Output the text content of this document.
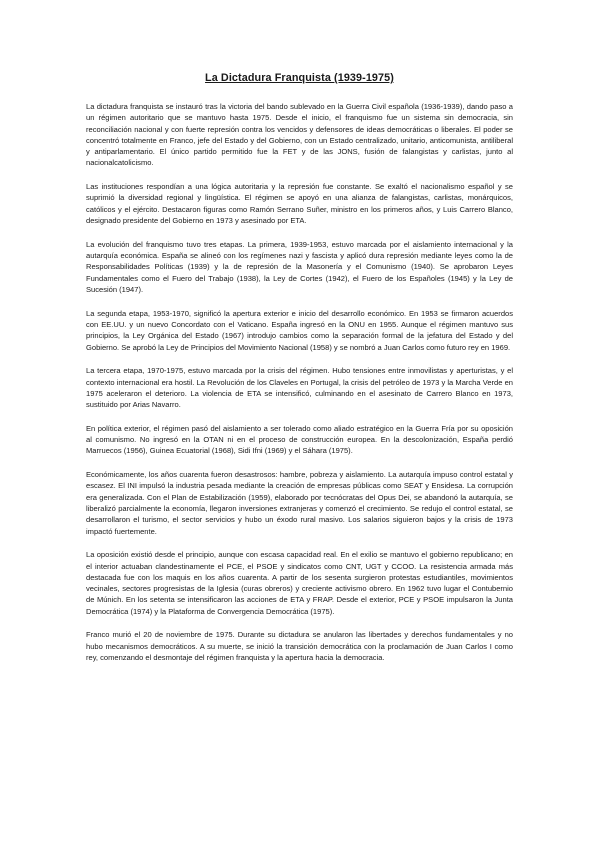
La Dictadura Franquista (1939-1975)

La dictadura franquista se instauró tras la victoria del bando sublevado en la Guerra Civil española (1936-1939), dando paso a un régimen autoritario que se mantuvo hasta 1975. Desde el inicio, el franquismo fue un sistema sin democracia, sin reconciliación nacional y con fuerte represión contra los vencidos y defensores de ideas democráticas o liberales. El poder se concentró totalmente en Franco, jefe del Estado y del Gobierno, con un Estado centralizado, unitario, anticomunista, antiliberal y antiparlamentario. El único partido permitido fue la FET y de las JONS, fusión de falangistas y carlistas, junto al nacionalcatolicismo.

Las instituciones respondían a una lógica autoritaria y la represión fue constante. Se exaltó el nacionalismo español y se suprimió la diversidad regional y lingüística. El régimen se apoyó en una alianza de falangistas, carlistas, monárquicos, católicos y el ejército. Destacaron figuras como Ramón Serrano Suñer, ministro en los primeros años, y Luis Carrero Blanco, designado presidente del Gobierno en 1973 y asesinado por ETA.

La evolución del franquismo tuvo tres etapas. La primera, 1939-1953, estuvo marcada por el aislamiento internacional y la autarquía económica. España se alineó con los regímenes nazi y fascista y aplicó dura represión mediante leyes como la de Responsabilidades Políticas (1939) y la de represión de la Masonería y el Comunismo (1940). Se aprobaron Leyes Fundamentales como el Fuero del Trabajo (1938), la Ley de Cortes (1942), el Fuero de los Españoles (1945) y la Ley de Sucesión (1947).

La segunda etapa, 1953-1970, significó la apertura exterior e inicio del desarrollo económico. En 1953 se firmaron acuerdos con EE.UU. y un nuevo Concordato con el Vaticano. España ingresó en la ONU en 1955. Aunque el régimen mantuvo sus principios, la Ley Orgánica del Estado (1967) introdujo cambios como la separación formal de la jefatura del Estado y del Gobierno. Se aprobó la Ley de Principios del Movimiento Nacional (1958) y se nombró a Juan Carlos como futuro rey en 1969.

La tercera etapa, 1970-1975, estuvo marcada por la crisis del régimen. Hubo tensiones entre inmovilistas y aperturistas, y el contexto internacional era hostil. La Revolución de los Claveles en Portugal, la crisis del petróleo de 1973 y la Marcha Verde en 1975 aceleraron el deterioro. La violencia de ETA se intensificó, culminando en el asesinato de Carrero Blanco en 1973, sustituido por Arias Navarro.

En política exterior, el régimen pasó del aislamiento a ser tolerado como aliado estratégico en la Guerra Fría por su oposición al comunismo. No ingresó en la OTAN ni en el proceso de construcción europea. En la descolonización, España perdió Marruecos (1956), Guinea Ecuatorial (1968), Sidi Ifni (1969) y el Sáhara (1975).

Económicamente, los años cuarenta fueron desastrosos: hambre, pobreza y aislamiento. La autarquía impuso control estatal y escasez. El INI impulsó la industria pesada mediante la creación de empresas públicas como SEAT y Ensidesa. La corrupción era generalizada. Con el Plan de Estabilización (1959), elaborado por tecnócratas del Opus Dei, se abandonó la autarquía, se liberalizó parcialmente la economía, llegaron inversiones extranjeras y comenzó el crecimiento. Se redujo el control estatal, se desarrollaron el turismo, el sector servicios y hubo un éxodo rural masivo. Los salarios siguieron bajos y la crisis de 1973 impactó fuertemente.

La oposición existió desde el principio, aunque con escasa capacidad real. En el exilio se mantuvo el gobierno republicano; en el interior actuaban clandestinamente el PCE, el PSOE y sindicatos como CNT, UGT y CCOO. La resistencia armada más destacada fue con los maquis en los años cuarenta. A partir de los sesenta surgieron protestas estudiantiles, movimientos vecinales, sectores progresistas de la Iglesia (curas obreros) y creciente activismo obrero. En 1962 tuvo lugar el Contubernio de Múnich. En los setenta se intensificaron las acciones de ETA y FRAP. Desde el exterior, PCE y PSOE impulsaron la Junta Democrática (1974) y la Plataforma de Convergencia Democrática (1975).

Franco murió el 20 de noviembre de 1975. Durante su dictadura se anularon las libertades y derechos fundamentales y no hubo mecanismos democráticos. A su muerte, se inició la transición democrática con la proclamación de Juan Carlos I como rey, comenzando el desmontaje del régimen franquista y la apertura hacia la democracia.
